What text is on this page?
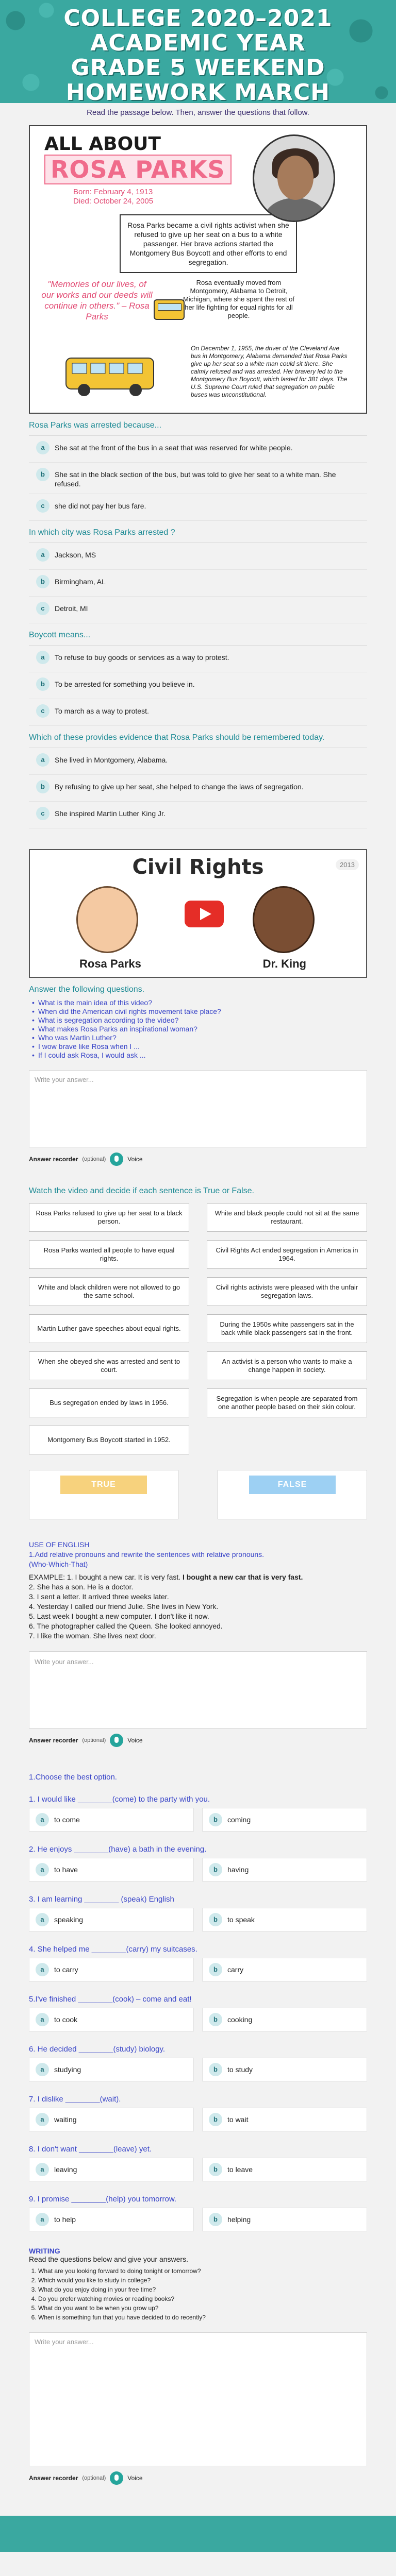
COLLEGE 2020–2021
ACADEMIC YEAR
GRADE 5 WEEKEND
HOMEWORK MARCH
Read the passage below. Then, answer the questions that follow.
ALL ABOUT
ROSA PARKS
Born: February 4, 1913
Died: October 24, 2005
Rosa Parks became a civil rights activist when she refused to give up her seat on a bus to a white passenger. Her brave actions started the Montgomery Bus Boycott and other efforts to end segregation.
"Memories of our lives, of our works and our deeds will continue in others." – Rosa Parks
Rosa eventually moved from Montgomery, Alabama to Detroit, Michigan, where she spent the rest of her life fighting for equal rights for all people.
On December 1, 1955, the driver of the Cleveland Ave bus in Montgomery, Alabama demanded that Rosa Parks give up her seat so a white man could sit there. She calmly refused and was arrested. Her bravery led to the Montgomery Bus Boycott, which lasted for 381 days. The U.S. Supreme Court ruled that segregation on public buses was unconstitutional.
Rosa Parks was arrested because...
a	She sat at the front of the bus in a seat that was reserved for white people.
b	She sat in the black section of the bus, but was told to give her seat to a white man. She refused.
c	she did not pay her bus fare.
In which city was Rosa Parks arrested ?
a	Jackson, MS
b	Birmingham, AL
c	Detroit, MI
Boycott means...
a	To refuse to buy goods or services as a way to protest.
b	To be arrested for something you believe in.
c	To march as a way to protest.
Which of these provides evidence that Rosa Parks should be remembered today.
a	She lived in Montgomery, Alabama.
b	By refusing to give up her seat, she helped to change the laws of segregation.
c	She inspired Martin Luther King Jr.
Civil Rights	2013
Rosa Parks	Dr. King
Answer the following questions.
• What is the main idea of this video?
• When did the American civil rights movement take place?
• What is segregation according to the video?
• What makes Rosa Parks an inspirational woman?
• Who was Martin Luther?
• I wow brave like Rosa when I ...
• If I could ask Rosa, I would ask ...
Write your answer...
Answer recorder (optional)	Voice
Watch the video and decide if each sentence is True or False.
Rosa Parks refused to give up her seat to a black person.
White and black people could not sit at the same restaurant.
Rosa Parks wanted all people to have equal rights.
Civil Rights Act ended segregation in America in 1964.
White and black children were not allowed to go the same school.
Civil rights activists were pleased with the unfair segregation laws.
Martin Luther gave speeches about equal rights.
During the 1950s white passengers sat in the back while black passengers sat in the front.
When she obeyed she was arrested and sent to court.
An activist is a person who wants to make a change happen in society.
Bus segregation ended by laws in 1956.
Segregation is when people are separated from one another people based on their skin colour.
Montgomery Bus Boycott started in 1952.
TRUE	FALSE
USE OF ENGLISH
1.Add relative pronouns and rewrite the sentences with relative pronouns.
(Who-Which-That)
EXAMPLE: 1. I bought a new car. It is very fast. I bought a new car that is very fast.
2. She has a son. He is a doctor.
3. I sent a letter. It arrived three weeks later.
4. Yesterday I called our friend Julie. She lives in New York.
5. Last week I bought a new computer. I don't like it now.
6. The photographer called the Queen. She looked annoyed.
7. I like the woman. She lives next door.
Write your answer...
Answer recorder (optional)	Voice
1.Choose the best option.
1. I would like ________(come) to the party with you.
a	to come	b	coming
2. He enjoys ________(have) a bath in the evening.
a	to have	b	having
3. I am learning ________ (speak) English
a	speaking	b	to speak
4. She helped me ________(carry) my suitcases.
a	to carry	b	carry
5.I've finished ________(cook) – come and eat!
a	to cook	b	cooking
6. He decided ________(study) biology.
a	studying	b	to study
7. I dislike ________(wait).
a	waiting	b	to wait
8. I don't want ________(leave) yet.
a	leaving	b	to leave
9. I promise ________(help) you tomorrow.
a	to help	b	helping
WRITING
Read the questions below and give your answers.
1. What are you looking forward to doing tonight or tomorrow?
2. Which would you like to study in college?
3. What do you enjoy doing in your free time?
4. Do you prefer watching movies or reading books?
5. What do you want to be when you grow up?
6. When is something fun that you have decided to do recently?
Write your answer...
Answer recorder (optional)	Voice
